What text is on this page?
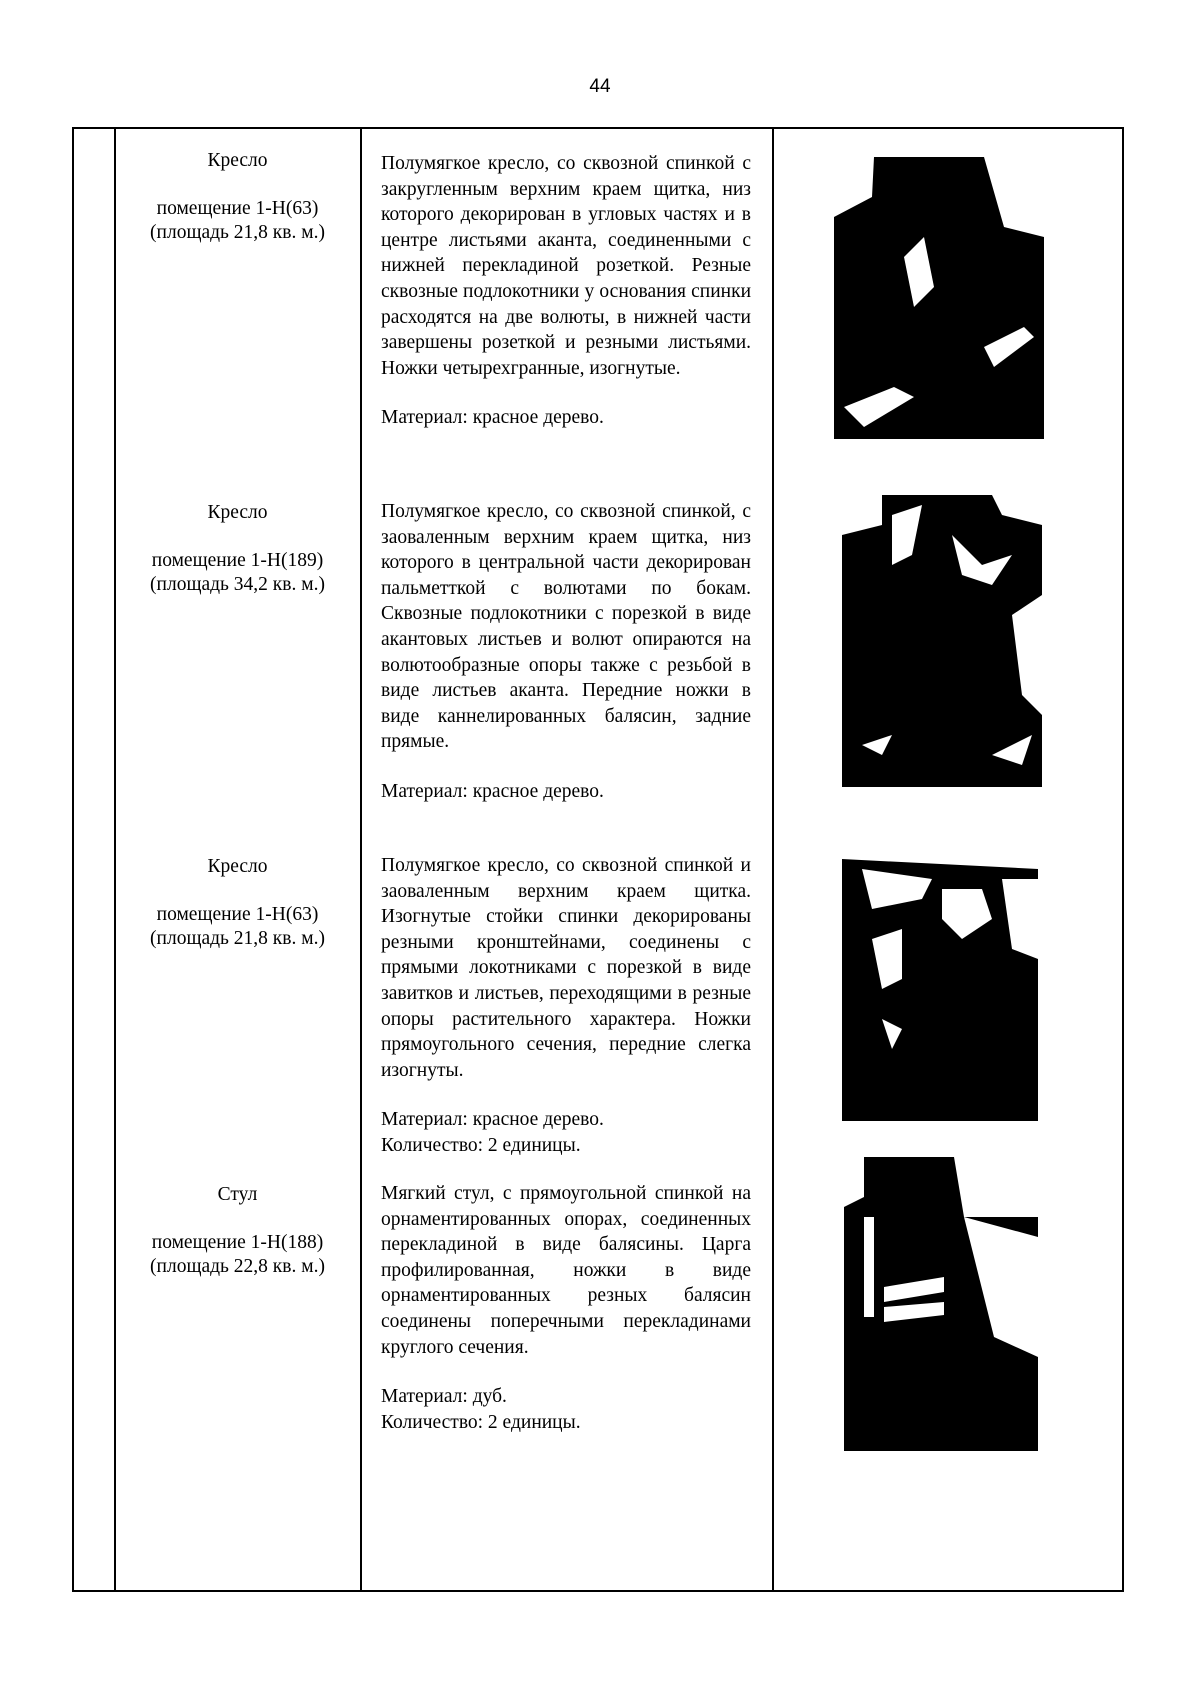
44
Кресло
помещение 1-Н(63)
(площадь 21,8 кв. м.)

Полумягкое кресло, со сквозной спинкой с закругленным верхним краем щитка, низ которого декорирован в угловых частях и в центре листьями аканта, соединенными с нижней перекладиной розеткой. Резные сквозные подлокотники у основания спинки расходятся на две волюты, в нижней части завершены розеткой и резными листьями. Ножки четырехгранные, изогнутые.

Материал: красное дерево.

Кресло
помещение 1-Н(189)
(площадь 34,2 кв. м.)

Полумягкое кресло, со сквозной спинкой, с заоваленным верхним краем щитка, низ которого в центральной части декорирован пальметткой с волютами по бокам. Сквозные подлокотники с порезкой в виде акантовых листьев и волют опираются на волютообразные опоры также с резьбой в виде листьев аканта. Передние ножки в виде каннелированных балясин, задние прямые.

Материал: красное дерево.

Кресло
помещение 1-Н(63)
(площадь 21,8 кв. м.)

Полумягкое кресло, со сквозной спинкой и заоваленным верхним краем щитка. Изогнутые стойки спинки декорированы резными кронштейнами, соединены с прямыми локотниками с порезкой в виде завитков и листьев, переходящими в резные опоры растительного характера. Ножки прямоугольного сечения, передние слегка изогнуты.

Материал: красное дерево.

Количество: 2 единицы.

Стул
помещение 1-Н(188)
(площадь 22,8 кв. м.)

Мягкий стул, с прямоугольной спинкой на орнаментированных опорах, соединенных перекладиной в виде балясины. Царга профилированная, ножки в виде орнаментированных резных балясин соединены поперечными перекладинами круглого сечения.

Материал: дуб.

Количество: 2 единицы.
